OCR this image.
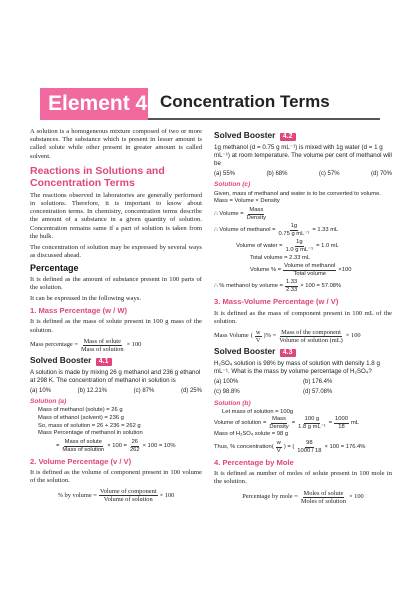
Element 4 Concentration Terms

A solution is a homogeneous mixture composed of two or more substances. The substance which is present in lesser amount is called solute while other present in greater amount is called solvent.

Reactions in Solutions and Concentration Terms

The reactions observed in laboratories are generally performed in solutions. Therefore, it is important to know about concentration terms. In chemistry, concentration terms describe the amount of a substance in a given quantity of solution. Concentration remains same if a part of solution is taken from the bulk.

The concentration of solution may be expressed by several ways as discussed ahead.

Percentage

It is defined as the amount of substance present in 100 parts of the solution.

It can be expressed in the following ways.

1. Mass Percentage (w / W)

It is defined as the mass of solute present in 100 g mass of the solution.

Mass percentage = $\frac{\text{Mass of solute}}{\text{Mass of solution}} \times 100$
Solved Booster 4.1
A solution is made by mixing 26 g methanol and 236 g ethanol at 298 K. The concentration of methanol in solution is
(a) 10%	(b) 12.21%	(c) 87%	(d) 25%
Solution (a)
Mass of methanol (solute) = 26 g
Mass of ethanol (solvent) = 236 g
So, mass of solution = 26 + 236 = 262 g
Mass Percentage of methanol in solution
= $\frac{\text{Mass of solute}}{\text{Mass of solution}} \times 100 = \frac{26}{262} \times 100 = 10\%$
2. Volume Percentage (v / V)

It is defined as the volume of component present in 100 volume of the solution.

% by volume = $\frac{\text{Volume of component}}{\text{Volume of solution}} \times 100$
Solved Booster 4.2
1g methanol (d = 0.75 g mL⁻¹) is mixed with 1g water (d = 1 g mL⁻¹) at room temperature. The volume per cent of methanol will be
(a) 55%	(b) 68%	(c) 57%	(d) 70%
Solution (c)
Given, mass of methanol and water is to be converted to volume.
Mass = Volume × Density
∴ Volume = $\frac{\text{Mass}}{\text{Density}}$
∴ Volume of methanol = $\frac{1g}{\text{0.75 g mL⁻¹}} = 1.33$ mL
Volume of water = $\frac{1g}{\text{1.0 g mL⁻¹}} = 1.0$ mL
Total volume = 2.33 mL
Volume % = $\frac{\text{Volume of methanol}}{\text{Total volume}} \times 100$
∴ % methanol by volume = $\frac{1.33}{2.33} \times 100 = 57.08\%$
3. Mass-Volume Percentage (w / V)

It is defined as the mass of component present in 100 mL of the solution.

Mass Volume ( $\frac{w}{V}$ ) % = $\frac{\text{Mass of the component}}{\text{Volume of solution (mL)}} \times 100$
Solved Booster 4.3
H₂SO₄ solution is 98% by mass of solution with density 1.8 g mL⁻¹. What is the mass by volume percentage of H₂SO₄?
(a) 100%	(b) 176.4%
(c) 98.8%	(d) 57.08%
Solution (b)
Let mass of solution = 100g
Volume of solution = $\frac{\text{Mass}}{\text{Density}} = \frac{100 g}{\text{1.8 g mL⁻¹}} = \frac{1000}{18}$ mL
Mass of H₂SO₄ solute = 98 g
Thus, % concentration ( $\frac{w}{V}$ ) = ( $\frac{98}{1000 / 18} \times 100 = 176.4\%$
4. Percentage by Mole

It is defined as number of moles of solute present in 100 mole in the solution.

Percentage by mole = $\frac{\text{Moles of solute}}{\text{Moles of solution}} \times 100$
